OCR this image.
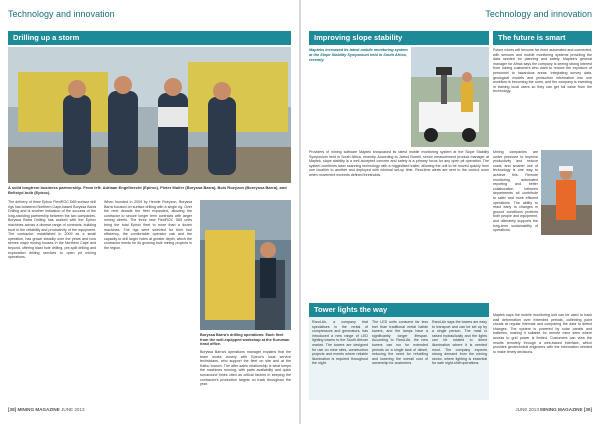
Technology and innovation
Drilling up a storm
A solid longtrem business partnership. From left: Adriaan Engelbrecht (Epiroc), Pieter Muller (Boryssa Barra), Bois Roeyzon (Boreyssa Barra), and Bellstyd bulb (Epiroc).
The delivery of three Epiroc FlexiROC D65 surface drill rigs has bolstered Northern Cape-based Boryssa Barra Drilling and is another indication of the success of the long-standing partnership between the two companies. Boryssa Barra Drilling has worked with the Epiroc machines across a diverse range of contracts, building trust in the reliability and productivity of the equipment. The contractor, established in 2009 as a small operation, has grown steadily over the years and now serves major mining houses in the Northern Cape and beyond, offering blast hole drilling, pre-split drilling and exploration drilling services to open pit mining operations.
When founded in 2009 by Hennie Roeyzon, Boryssa Barra focused on surface drilling with a single rig. Over the next decade the fleet expanded, allowing the contractor to secure longer term contracts with larger mining clients. The three new FlexiROC D65 units bring the total Epiroc fleet to more than a dozen machines. The rigs were selected for their fuel efficiency, the comfortable operator cab and the capacity to drill larger holes at greater depth, which the contractor needs for its growing bulk mining projects in the region.
Boryssa Barra's drilling operations: Each fleet from the well-equipped workshop at the Kuruman head office.
Boryssa Barra's operations manager explains that the team works closely with Epiroc's local service technicians, who support the fleet on site and at the Kathu branch. The after-sales relationship is what keeps the machines running, with parts availability and quick turnaround times cited as critical factors in keeping the contractor's production targets on track throughout the year.
[38] MINING MAGAZINE JUNE 2013
Technology and innovation
Improving slope stability	The future is smart
Mapteks increased its latest mobile monitoring system at the Slope Stability Symposium held in South Africa, recently.
Providers of mining software Maptek showcased its latest mobile monitoring system at the Slope Stability Symposium held in South Africa, recently. According to Jarrod Burrell, senior measurement product manager at Maptek, slope stability is a well accepted concern and safety is a primary focus for any open pit operation. The system combines laser scanning technology with a ruggedised trailer, allowing the unit to be moved quickly from one location to another and deployed with minimal set-up time. Real-time alerts are sent to the control room when movement exceeds defined thresholds.
Future mines will become far more automated and connected, with sensors and mobile monitoring systems providing the data needed for planning and safety. Maptek's general manager for Africa says the company is seeing strong interest from mining customers who want to reduce the exposure of personnel to hazardous areas. Integrating survey data, geological models and production information into one workflow is becoming the norm, and the company is investing in training local users so they can get full value from the technology.
Mining companies are under pressure to improve productivity and reduce costs, and smarter use of technology is one way to achieve this. Remote monitoring, automated reporting and better collaboration between departments all contribute to safer and more efficient operations. The ability to react early to changes in ground conditions protects both people and equipment, and ultimately supports the long-term sustainability of operations.
Tower lights the way
Rand-Air, a company that specialises in the rental of compressors and generators, has introduced a new range of LED lighting towers to the South African market. The towers are designed for use on mine sites, construction projects and events where reliable illumination is required throughout the night.
The LED units consume far less fuel than traditional metal halide towers, and the lamps have a significantly longer lifespan. According to Rand-Air, the new towers can run for extended periods on a single tank of diesel, reducing the need for refuelling and lowering the overall cost of ownership for customers.
Rand-Air says the towers are easy to transport and can be set up by a single person. The mast is raised hydraulically and the lights can be rotated to direct illumination where it is needed most. The company expects strong demand from the mining sector, where lighting is essential for safe night-shift operations.
Maptek says the mobile monitoring unit can be used to track wall deformation over extended periods, collecting point clouds at regular intervals and comparing the data to detect changes. The system is powered by solar panels and batteries, making it suitable for remote mine sites where access to grid power is limited. Customers can view the results remotely through a web-based interface, which provides geotechnical engineers with the information needed to make timely decisions.
JUNE 2013 MINING MAGAZINE [39]
